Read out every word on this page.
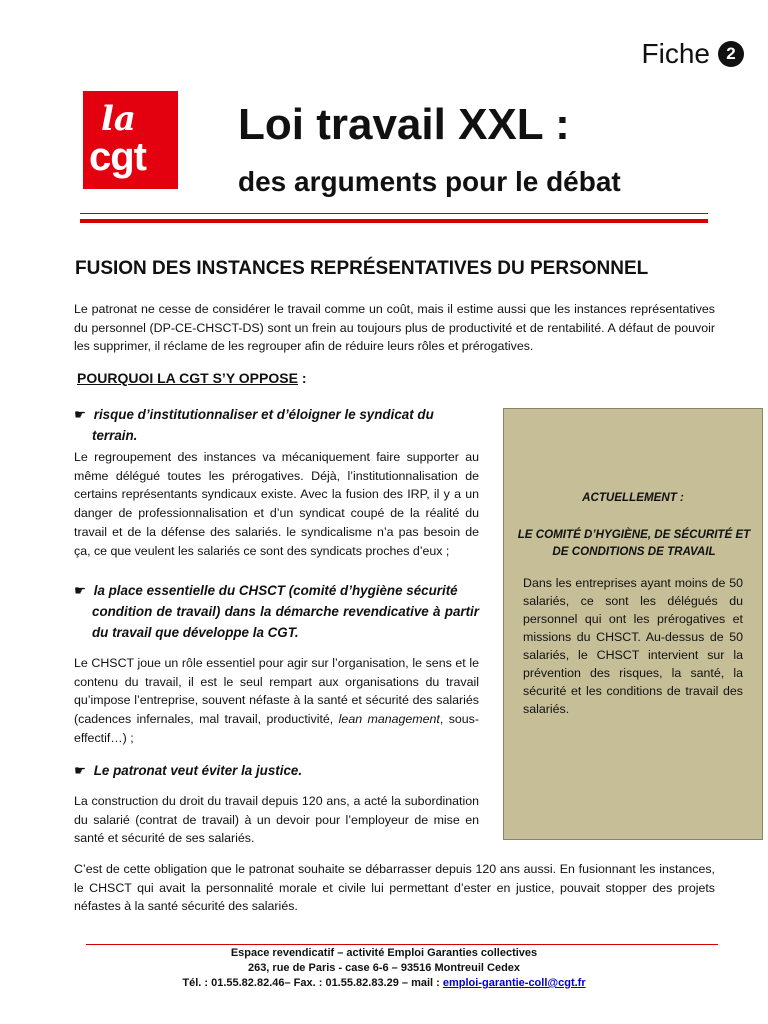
Fiche 2
la
cgt
Loi travail XXL :
des arguments pour le débat
FUSION DES INSTANCES REPRÉSENTATIVES DU PERSONNEL
Le patronat ne cesse de considérer le travail comme un coût, mais il estime aussi que les instances représentatives du personnel (DP-CE-CHSCT-DS) sont un frein au toujours plus de productivité et de rentabilité. A défaut de pouvoir les supprimer, il réclame de les regrouper afin de réduire leurs rôles et prérogatives.
POURQUOI LA CGT S’Y OPPOSE :
☛ risque d’institutionnaliser et d’éloigner le syndicat du
terrain.
Le regroupement des instances va mécaniquement faire supporter au même délégué toutes les prérogatives. Déjà, l’institutionnalisation de certains représentants syndicaux existe. Avec la fusion des IRP, il y a un danger de professionnalisation et d’un syndicat coupé de la réalité du travail et de la défense des salariés. le syndicalisme n’a pas besoin de ça, ce que veulent les salariés ce sont des syndicats proches d’eux ;
☛ la place essentielle du CHSCT (comité d’hygiène sécurité
condition de travail) dans la démarche revendicative à partir du travail que développe la CGT.
Le CHSCT joue un rôle essentiel pour agir sur l’organisation, le sens et le contenu du travail, il est le seul rempart aux organisations du travail qu’impose l’entreprise, souvent néfaste à la santé et sécurité des salariés (cadences infernales, mal travail, productivité, lean management, sous-effectif…) ;
☛ Le patronat veut éviter la justice.
La construction du droit du travail depuis 120 ans, a acté la subordination du salarié (contrat de travail) à un devoir pour l’employeur de mise en santé et sécurité de ses salariés.
C’est de cette obligation que le patronat souhaite se débarrasser depuis 120 ans aussi. En fusionnant les instances, le CHSCT qui avait la personnalité morale et civile lui permettant d’ester en justice, pouvait stopper des projets néfastes à la santé sécurité des salariés.
ACTUELLEMENT :
LE COMITÉ D’HYGIÈNE, DE SÉCURITÉ ET DE CONDITIONS DE TRAVAIL
Dans les entreprises ayant moins de 50 salariés, ce sont les délégués du personnel qui ont les prérogatives et missions du CHSCT. Au-dessus de 50 salariés, le CHSCT intervient sur la prévention des risques, la santé, la sécurité et les conditions de travail des salariés.
Espace revendicatif – activité Emploi Garanties collectives
263, rue de Paris - case 6-6 – 93516 Montreuil Cedex
Tél. : 01.55.82.82.46– Fax. : 01.55.82.83.29 – mail : emploi-garantie-coll@cgt.fr
